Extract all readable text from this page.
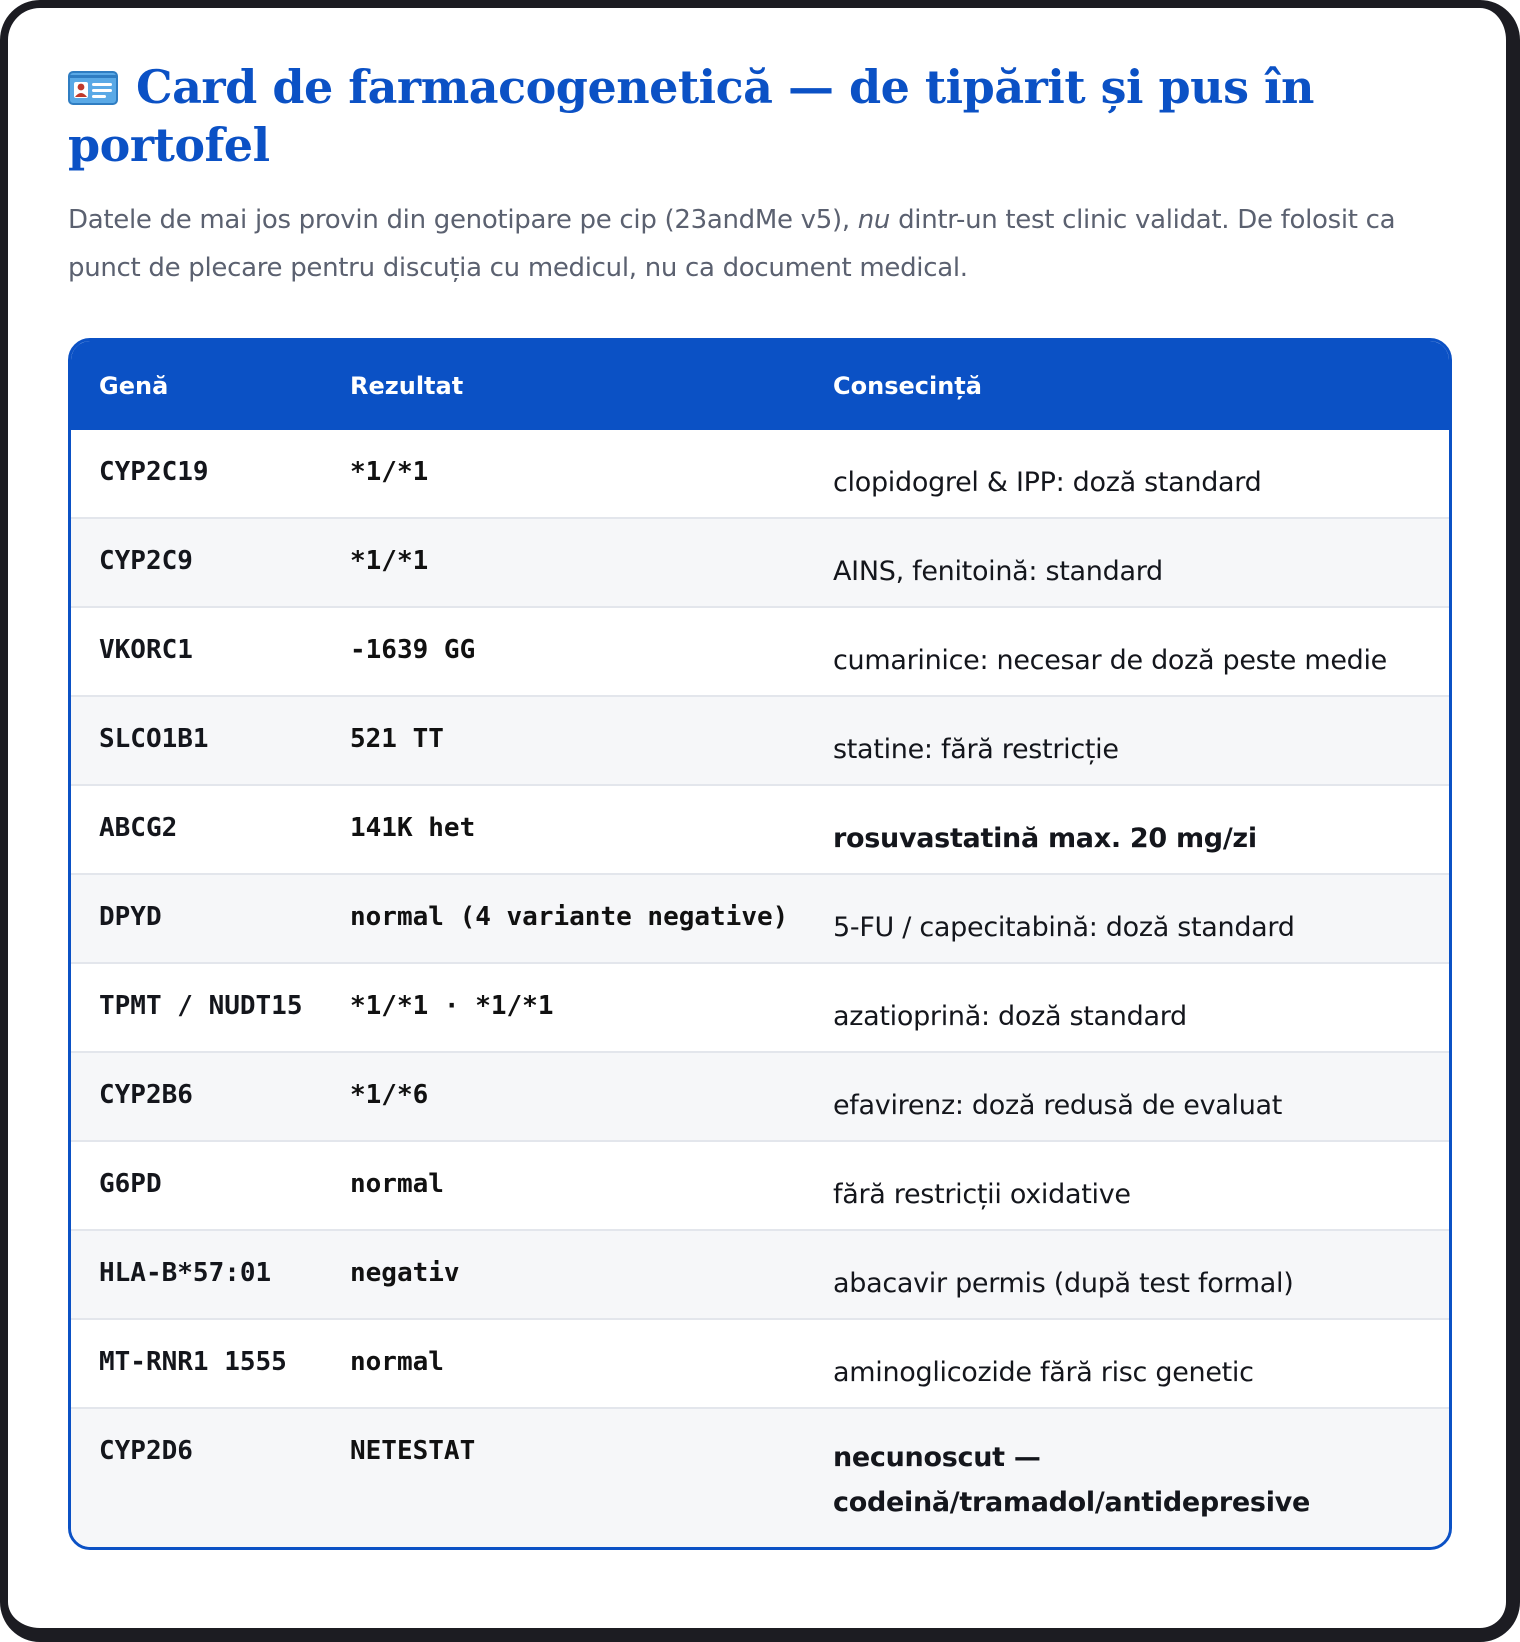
Card de farmacogenetică — de tipărit și pus în portofel

Datele de mai jos provin din genotipare pe cip (23andMe v5), nu dintr-un test clinic validat. De folosit ca punct de plecare pentru discuția cu medicul, nu ca document medical.

Genă	Rezultat	Consecință
CYP2C19	*1/*1	clopidogrel & IPP: doză standard
CYP2C9	*1/*1	AINS, fenitoină: standard
VKORC1	-1639 GG	cumarinice: necesar de doză peste medie
SLCO1B1	521 TT	statine: fără restricție
ABCG2	141K het	rosuvastatină max. 20 mg/zi
DPYD	normal (4 variante negative)	5-FU / capecitabină: doză standard
TPMT / NUDT15	*1/*1 · *1/*1	azatioprină: doză standard
CYP2B6	*1/*6	efavirenz: doză redusă de evaluat
G6PD	normal	fără restricții oxidative
HLA-B*57:01	negativ	abacavir permis (după test formal)
MT-RNR1 1555	normal	aminoglicozide fără risc genetic
CYP2D6	NETESTAT	necunoscut — codeină/tramadol/antidepresive
